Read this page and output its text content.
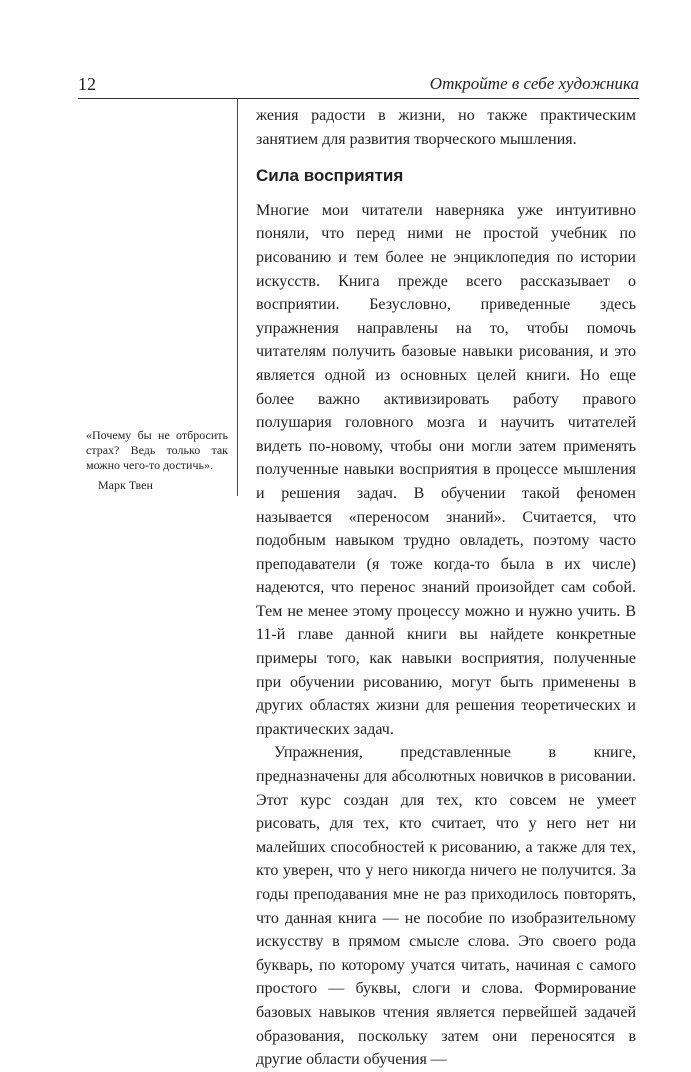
12	Откройте в себе художника

жения радости в жизни, но также практическим занятием для развития творческого мышления.

Сила восприятия

Многие мои читатели наверняка уже интуитивно поняли, что перед ними не простой учебник по рисованию и тем более не энциклопедия по истории искусств. Книга прежде всего рассказывает о восприятии. Безусловно, приведенные здесь упражнения направлены на то, чтобы помочь читателям получить базовые навыки рисования, и это является одной из основных целей книги. Но еще более важно активизировать работу правого полушария головного мозга и научить читателей видеть по-новому, чтобы они могли затем применять полученные навыки восприятия в процессе мышления и решения задач. В обучении такой феномен называется «переносом знаний». Считается, что подобным навыком трудно овладеть, поэтому часто преподаватели (я тоже когда-то была в их числе) надеются, что перенос знаний произойдет сам собой. Тем не менее этому процессу можно и нужно учить. В 11-й главе данной книги вы найдете конкретные примеры того, как навыки восприятия, полученные при обучении рисованию, могут быть применены в других областях жизни для решения теоретических и практических задач.

Упражнения, представленные в книге, предназначены для абсолютных новичков в рисовании. Этот курс создан для тех, кто совсем не умеет рисовать, для тех, кто считает, что у него нет ни малейших способностей к рисованию, а также для тех, кто уверен, что у него никогда ничего не получится. За годы преподавания мне не раз приходилось повторять, что данная книга — не пособие по изобразительному искусству в прямом смысле слова. Это своего рода букварь, по которому учатся читать, начиная с самого простого — буквы, слоги и слова. Формирование базовых навыков чтения является первейшей задачей образования, поскольку затем они переносятся в другие области обучения —

«Почему бы не отбросить страх? Ведь только так можно чего-то достичь».
Марк Твен
